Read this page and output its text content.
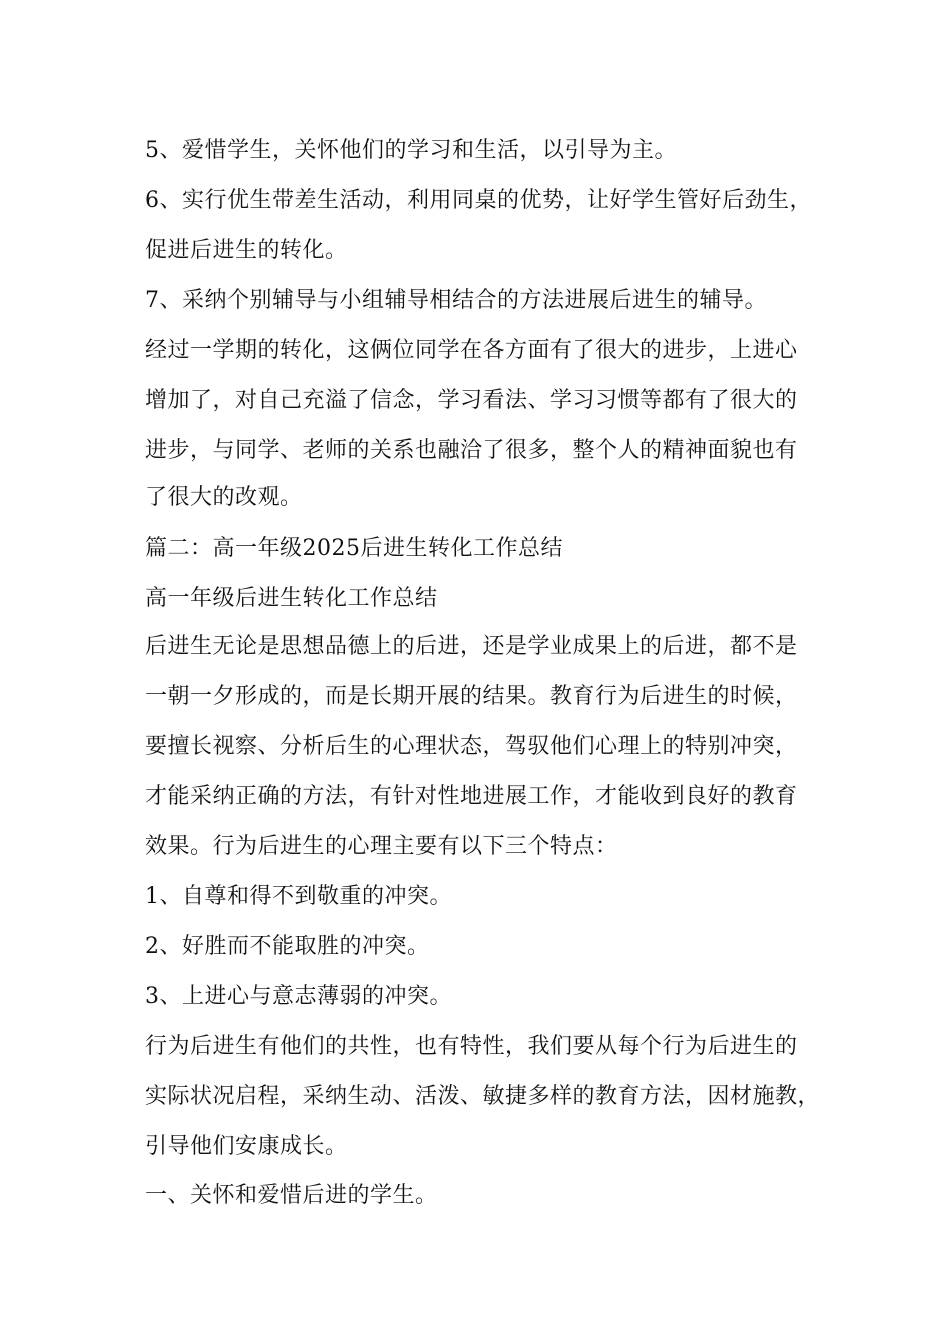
5、爱惜学生，关怀他们的学习和生活，以引导为主。
6、实行优生带差生活动，利用同桌的优势，让好学生管好后劲生，
促进后进生的转化。
7、采纳个别辅导与小组辅导相结合的方法进展后进生的辅导。
经过一学期的转化，这俩位同学在各方面有了很大的进步，上进心
增加了，对自己充溢了信念，学习看法、学习习惯等都有了很大的
进步，与同学、老师的关系也融洽了很多，整个人的精神面貌也有
了很大的改观。
篇二：高一年级2025后进生转化工作总结
高一年级后进生转化工作总结
后进生无论是思想品德上的后进，还是学业成果上的后进，都不是
一朝一夕形成的，而是长期开展的结果。教育行为后进生的时候，
要擅长视察、分析后生的心理状态，驾驭他们心理上的特别冲突，
才能采纳正确的方法，有针对性地进展工作，才能收到良好的教育
效果。行为后进生的心理主要有以下三个特点：
1、自尊和得不到敬重的冲突。
2、好胜而不能取胜的冲突。
3、上进心与意志薄弱的冲突。
行为后进生有他们的共性，也有特性，我们要从每个行为后进生的
实际状况启程，采纳生动、活泼、敏捷多样的教育方法，因材施教，
引导他们安康成长。
一、关怀和爱惜后进的学生。
